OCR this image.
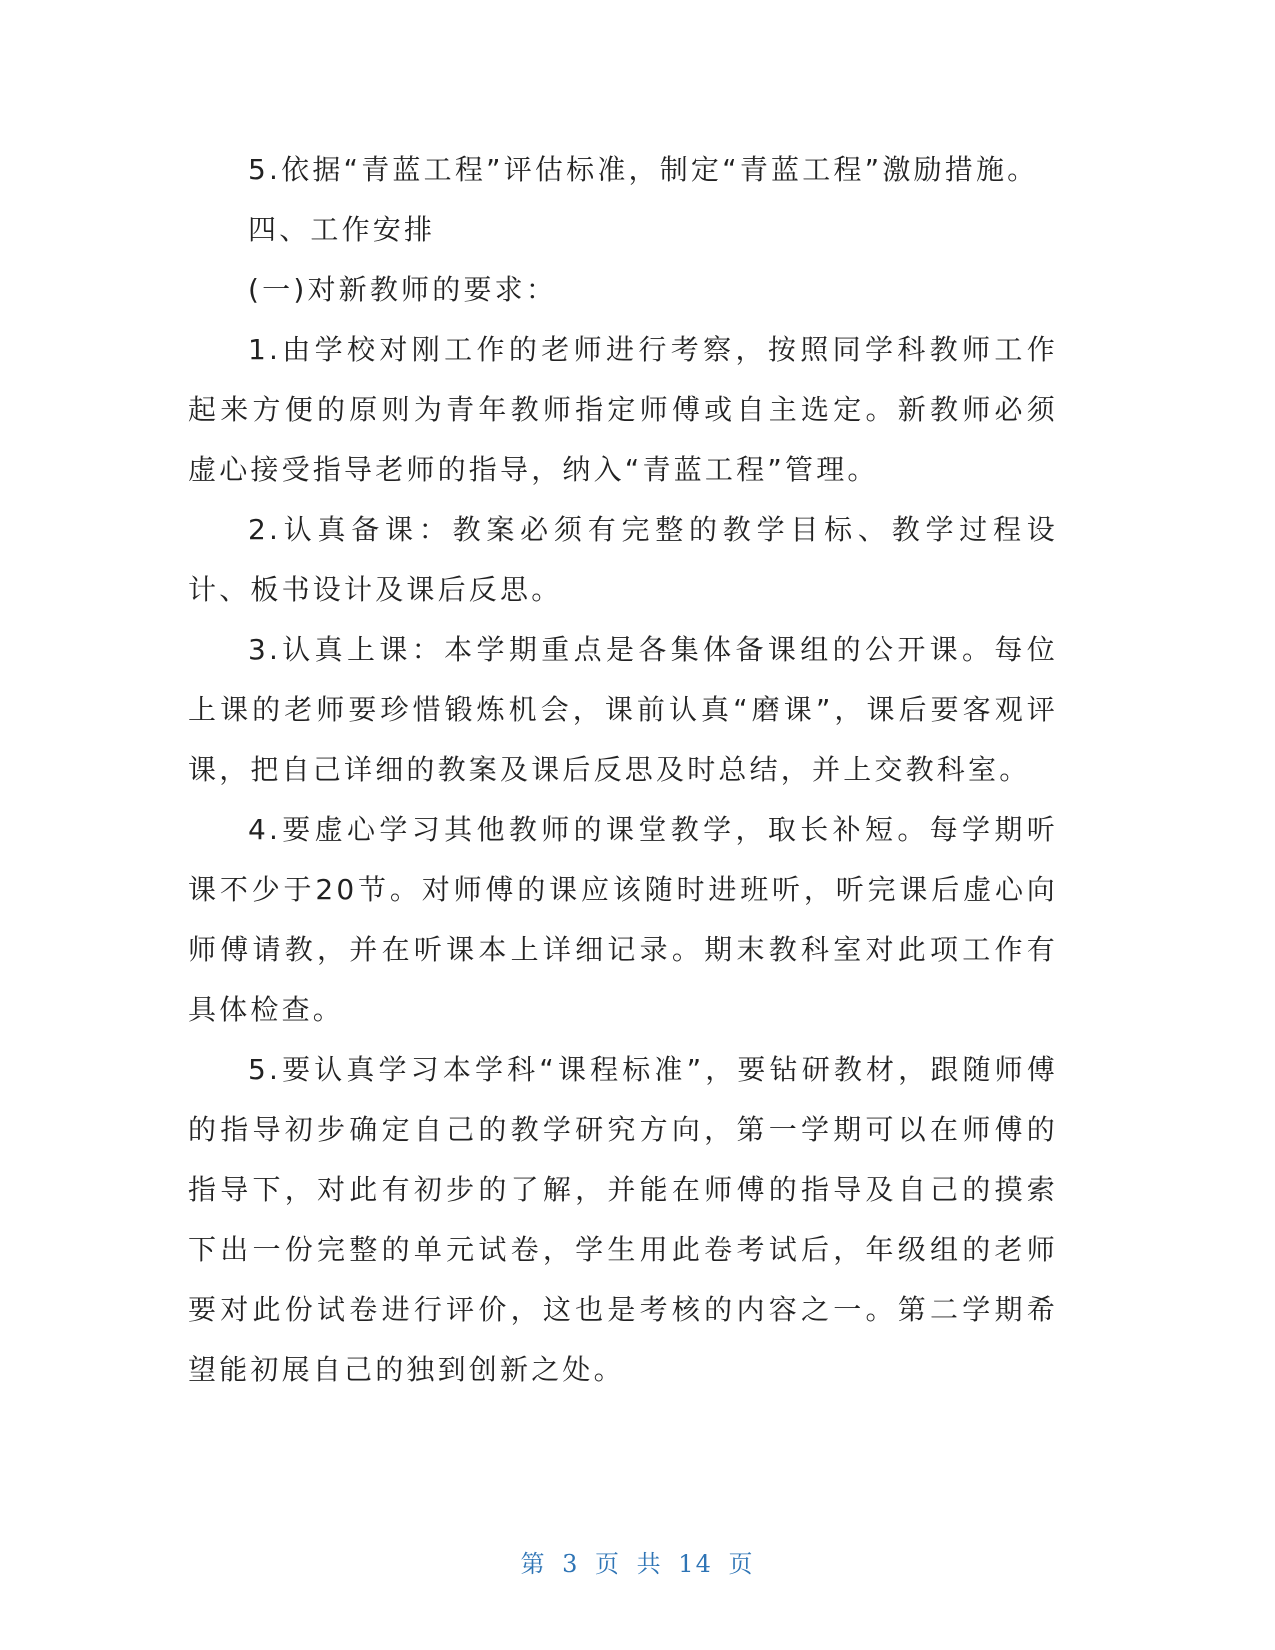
5.依据“青蓝工程”评估标准，制定“青蓝工程”激励措施。

四、工作安排

(一)对新教师的要求：

1.由学校对刚工作的老师进行考察，按照同学科教师工作起来方便的原则为青年教师指定师傅或自主选定。新教师必须虚心接受指导老师的指导，纳入“青蓝工程”管理。

2.认真备课：教案必须有完整的教学目标、教学过程设计、板书设计及课后反思。

3.认真上课：本学期重点是各集体备课组的公开课。每位上课的老师要珍惜锻炼机会，课前认真“磨课”，课后要客观评课，把自己详细的教案及课后反思及时总结，并上交教科室。

4.要虚心学习其他教师的课堂教学，取长补短。每学期听课不少于20节。对师傅的课应该随时进班听，听完课后虚心向师傅请教，并在听课本上详细记录。期末教科室对此项工作有具体检查。

5.要认真学习本学科“课程标准”，要钻研教材，跟随师傅的指导初步确定自己的教学研究方向，第一学期可以在师傅的指导下，对此有初步的了解，并能在师傅的指导及自己的摸索下出一份完整的单元试卷，学生用此卷考试后，年级组的老师要对此份试卷进行评价，这也是考核的内容之一。第二学期希望能初展自己的独到创新之处。

第 3 页 共 14 页
